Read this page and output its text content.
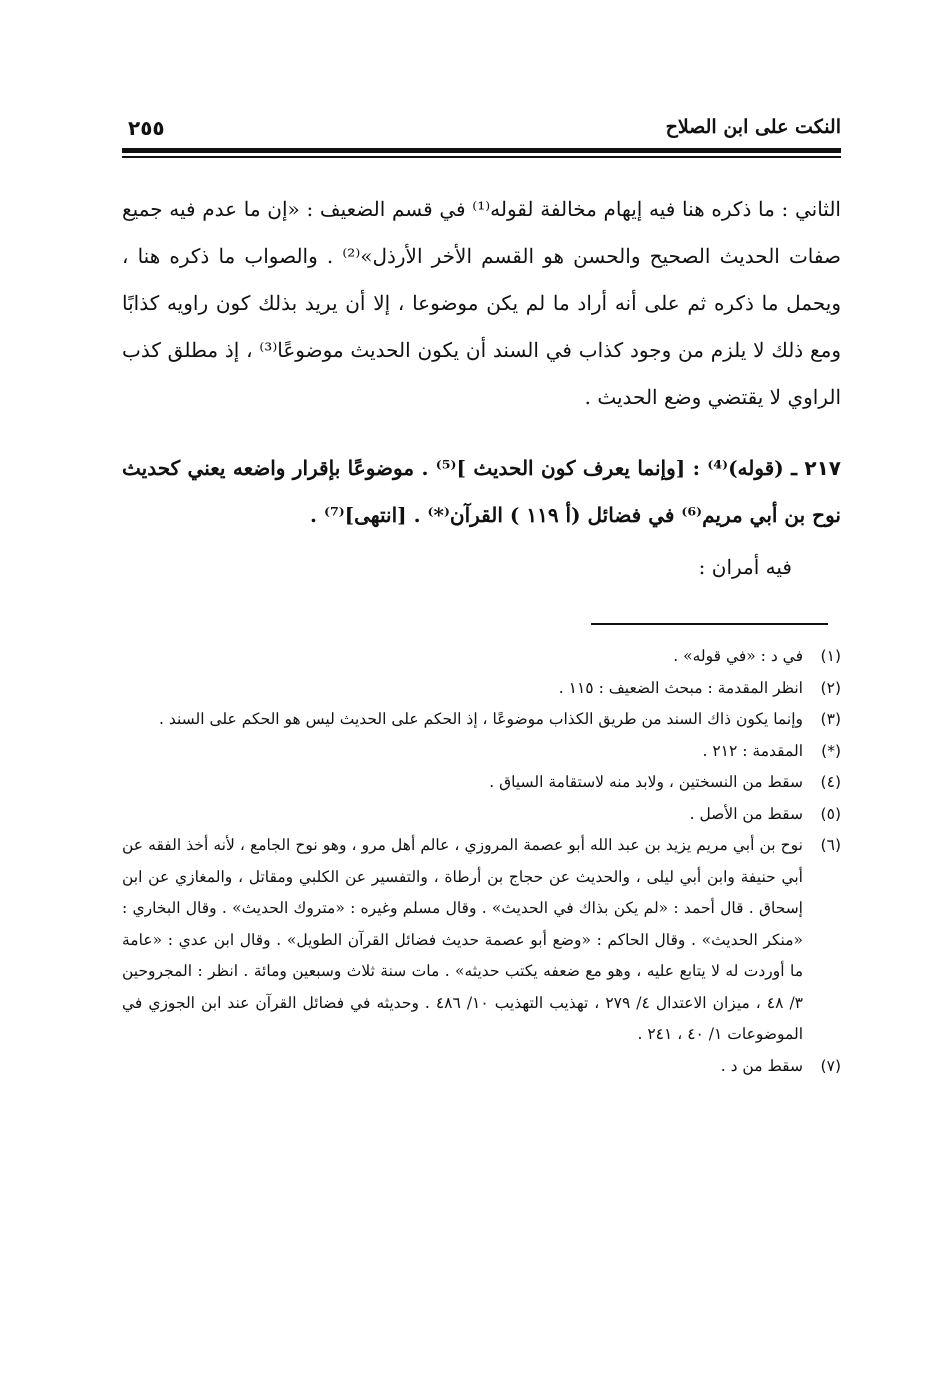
النكت على ابن الصلاح
٢٥٥
الثاني : ما ذكره هنا فيه إيهام مخالفة لقوله⁽¹⁾ في قسم الضعيف : «إن ما عدم فيه جميع صفات الحديث الصحيح والحسن هو القسم الأخر الأرذل»⁽²⁾ . والصواب ما ذكره هنا ، ويحمل ما ذكره ثم على أنه أراد ما لم يكن موضوعا ، إلا أن يريد بذلك كون راويه كذابًا ومع ذلك لا يلزم من وجود كذاب في السند أن يكون الحديث موضوعًا⁽³⁾ ، إذ مطلق كذب الراوي لا يقتضي وضع الحديث .
٢١٧ ـ (قوله)⁽⁴⁾ : [وإنما يعرف كون الحديث ]⁽⁵⁾ . موضوعًا بإقرار واضعه يعني كحديث نوح بن أبي مريم⁽⁶⁾ في فضائل (أ ١١٩ ) القرآن⁽*⁾ . [انتهى]⁽⁷⁾ .
فيه أمران :
(١)
في د : «في قوله» .
(٢)
انظر المقدمة : مبحث الضعيف : ١١٥ .
(٣)
وإنما يكون ذاك السند من طريق الكذاب موضوعًا ، إذ الحكم على الحديث ليس هو الحكم على السند .
(*)
المقدمة : ٢١٢ .
(٤)
سقط من النسختين ، ولابد منه لاستقامة السياق .
(٥)
سقط من الأصل .
(٦)
نوح بن أبي مريم يزيد بن عبد الله أبو عصمة المروزي ، عالم أهل مرو ، وهو نوح الجامع ، لأنه أخذ الفقه عن أبي حنيفة وابن أبي ليلى ، والحديث عن حجاج بن أرطاة ، والتفسير عن الكلبي ومقاتل ، والمغازي عن ابن إسحاق . قال أحمد : «لم يكن بذاك في الحديث» . وقال مسلم وغيره : «متروك الحديث» . وقال البخاري : «منكر الحديث» . وقال الحاكم : «وضع أبو عصمة حديث فضائل القرآن الطويل» . وقال ابن عدي : «عامة ما أوردت له لا يتابع عليه ، وهو مع ضعفه يكتب حديثه» . مات سنة ثلاث وسبعين ومائة . انظر : المجروحين ٣/ ٤٨ ، ميزان الاعتدال ٤/ ٢٧٩ ، تهذيب التهذيب ١٠/ ٤٨٦ . وحديثه في فضائل القرآن عند ابن الجوزي في الموضوعات ١/ ٤٠ ، ٢٤١ .
(٧)
سقط من د .
